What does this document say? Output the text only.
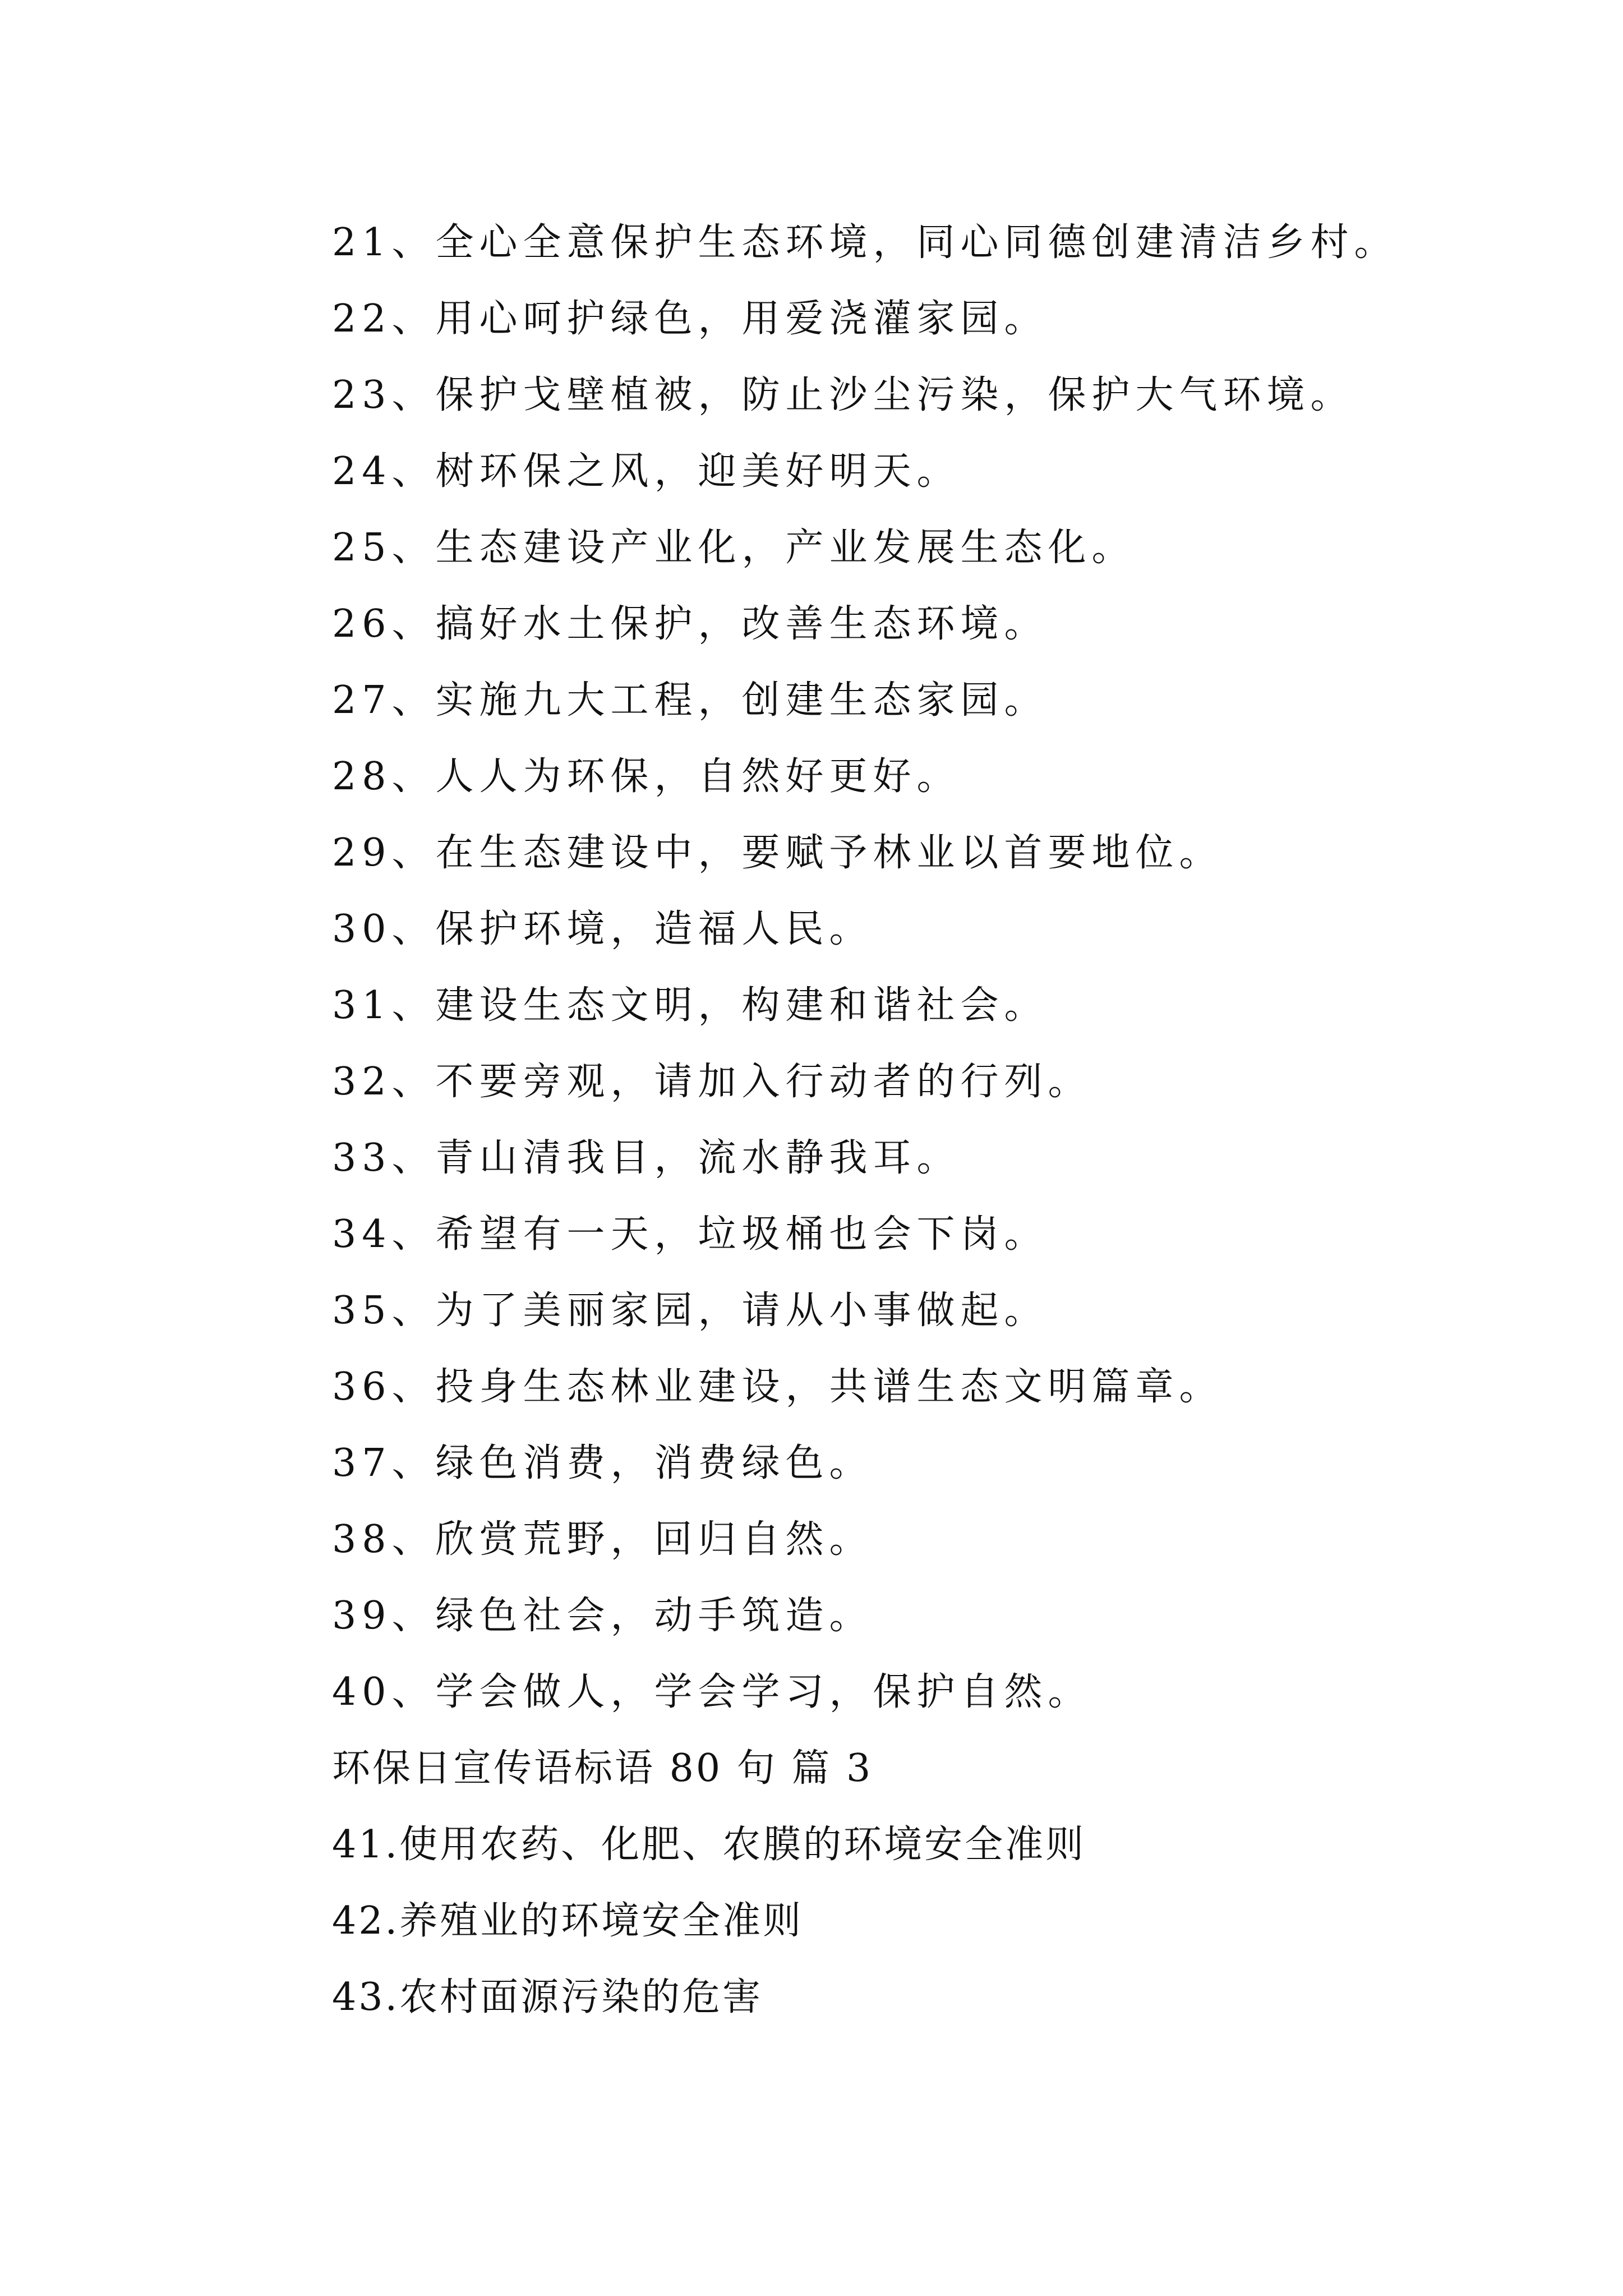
21、全心全意保护生态环境，同心同德创建清洁乡村。
22、用心呵护绿色，用爱浇灌家园。
23、保护戈壁植被，防止沙尘污染，保护大气环境。
24、树环保之风，迎美好明天。
25、生态建设产业化，产业发展生态化。
26、搞好水土保护，改善生态环境。
27、实施九大工程，创建生态家园。
28、人人为环保，自然好更好。
29、在生态建设中，要赋予林业以首要地位。
30、保护环境，造福人民。
31、建设生态文明，构建和谐社会。
32、不要旁观，请加入行动者的行列。
33、青山清我目，流水静我耳。
34、希望有一天，垃圾桶也会下岗。
35、为了美丽家园，请从小事做起。
36、投身生态林业建设，共谱生态文明篇章。
37、绿色消费，消费绿色。
38、欣赏荒野，回归自然。
39、绿色社会，动手筑造。
40、学会做人，学会学习，保护自然。
环保日宣传语标语 80 句 篇 3
41.使用农药、化肥、农膜的环境安全准则
42.养殖业的环境安全准则
43.农村面源污染的危害
